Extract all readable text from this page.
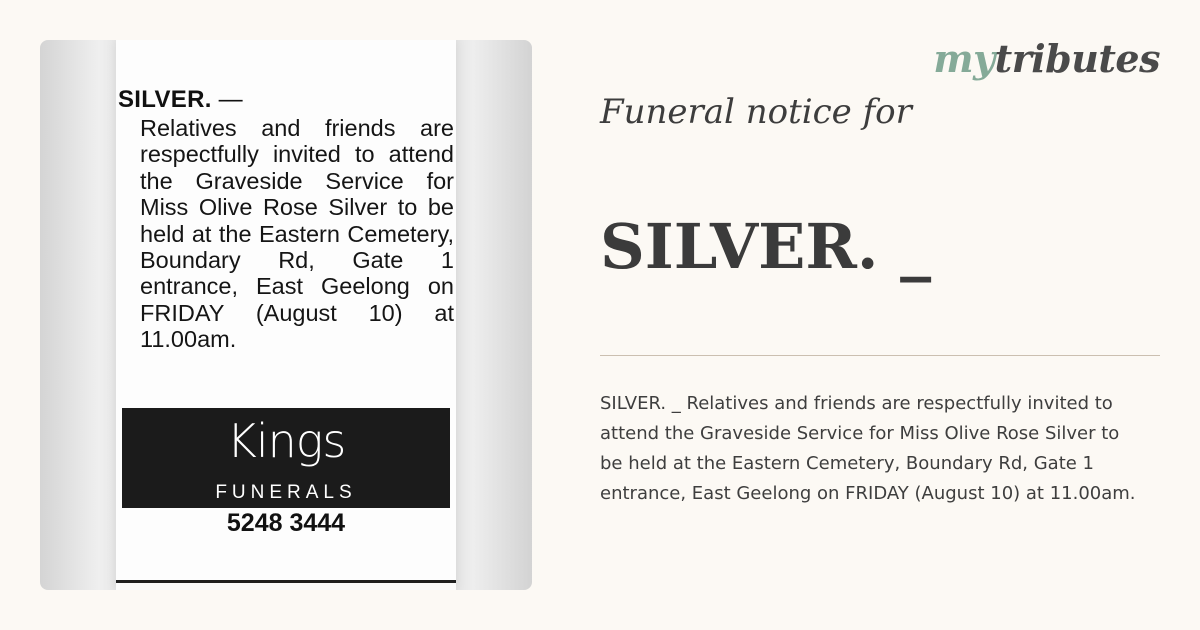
SILVER. —
Relatives and friends are respectfully invited to attend the Graveside Service for Miss Olive Rose Silver to be held at the Eastern Cemetery, Boundary Rd, Gate 1 entrance, East Geelong on FRIDAY (August 10) at 11.00am.
Kings
FUNERALS
5248 3444
mytributes
Funeral notice for
SILVER. _
SILVER. _ Relatives and friends are respectfully invited to attend the Graveside Service for Miss Olive Rose Silver to be held at the Eastern Cemetery, Boundary Rd, Gate 1 entrance, East Geelong on FRIDAY (August 10) at 11.00am.
